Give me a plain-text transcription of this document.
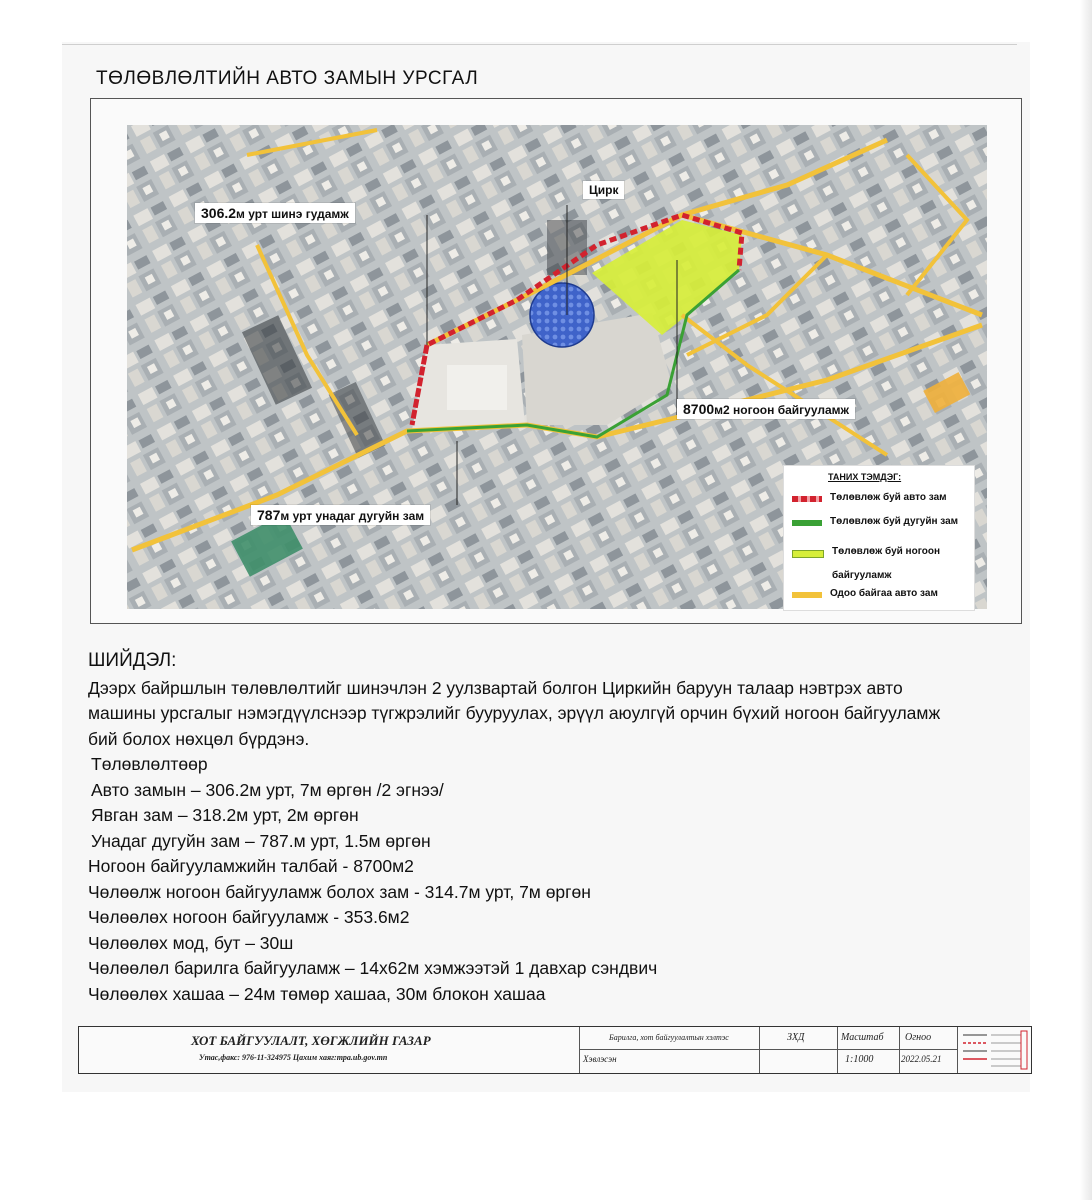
ТӨЛӨВЛӨЛТИЙН АВТО ЗАМЫН УРСГАЛ
306.2м урт шинэ гудамж
Цирк
8700м2 ногоон байгууламж
787м урт унадаг дугуйн зам
ТАНИХ ТЭМДЭГ:
Төлөвлөж буй авто зам
Төлөвлөж буй дугуйн зам
Төлөвлөж буй ногоон байгууламж
Одоо байгаа авто зам
ШИЙДЭЛ:

Дээрх байршлын төлөвлөлтийг шинэчлэн 2 уулзвартай болгон Циркийн баруун талаар нэвтрэх авто машины урсгалыг нэмэгдүүлснээр түгжрэлийг бууруулах, эрүүл аюулгүй орчин бүхий ногоон байгууламж бий болох нөхцөл бүрдэнэ.

Төлөвлөлтөөр

Авто замын – 306.2м урт, 7м өргөн /2 эгнээ/

Явган зам – 318.2м урт, 2м өргөн

Унадаг дугуйн зам – 787.м урт, 1.5м өргөн

Ногоон байгууламжийн талбай - 8700м2

Чөлөөлж ногоон байгууламж болох зам - 314.7м урт, 7м өргөн

Чөлөөлөх ногоон байгууламж - 353.6м2

Чөлөөлөх мод, бут – 30ш

Чөлөөлөл барилга байгууламж – 14х62м хэмжээтэй 1 давхар сэндвич

Чөлөөлөх хашаа – 24м төмөр хашаа, 30м блокон хашаа

ХОТ БАЙГУУЛАЛТ, ХӨГЖЛИЙН ГАЗАР
Утас,факс: 976-11-324975 Цахим хаяг:mpa.ub.gov.mn
Барилга, хот байгуулалтын хэлтэс
Хэвлэсэн
ЗХД	Масштаб
1:1000
Огноо
2022.05.21
